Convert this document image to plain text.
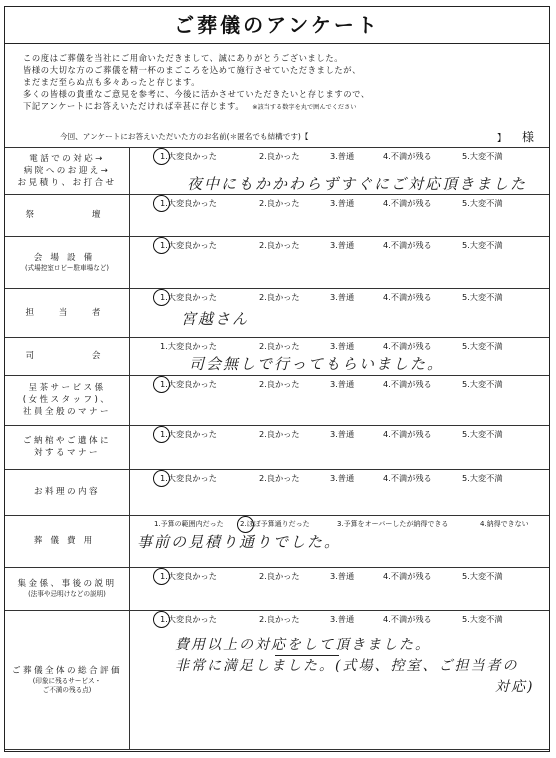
ご葬儀のアンケート
この度はご葬儀を当社にご用命いただきまして、誠にありがとうございました。
皆様の大切な方のご葬儀を精一杯のまごころを込めて施行させていただきましたが、
まだまだ至らぬ点も多々あったと存じます。
多くの皆様の貴重なご意見を参考に、今後に活かさせていただきたいと存じますので、
下記アンケートにお答えいただければ幸甚に存じます。 ※該当する数字を丸で囲んでください
今回、アンケートにお答えいただいた方のお名前(＊匿名でも結構です)【	】 様
電話での対応→
病院へのお迎え→
お見積り、お打合せ
1.大変良かった	2.良かった	3.普通	4.不満が残る	5.大変不満
夜中にもかかわらずすぐにご対応頂きました
祭　　　壇
1.大変良かった	2.良かった	3.普通	4.不満が残る	5.大変不満
会場設備
(式場控室ロビー駐車場など)
1.大変良かった	2.良かった	3.普通	4.不満が残る	5.大変不満
担　当　者
1.大変良かった	2.良かった	3.普通	4.不満が残る	5.大変不満
宮越さん
司　　　会
1.大変良かった	2.良かった	3.普通	4.不満が残る	5.大変不満
司会無しで行ってもらいました。
呈茶サービス係
(女性スタッフ)、
社員全般のマナー
1.大変良かった	2.良かった	3.普通	4.不満が残る	5.大変不満
ご納棺やご遺体に
対するマナー
1.大変良かった	2.良かった	3.普通	4.不満が残る	5.大変不満
お料理の内容
1.大変良かった	2.良かった	3.普通	4.不満が残る	5.大変不満
葬儀費用
1.予算の範囲内だった 2.ほぼ予算通りだった	3.予算をオーバーしたが納得できる	4.納得できない
事前の見積り通りでした。
集金係、事後の説明
(法事や忌明けなどの説明)
1.大変良かった	2.良かった	3.普通	4.不満が残る	5.大変不満
ご葬儀全体の総合評価
(印象に残るサービス・
ご不満の残る点)
1.大変良かった	2.良かった	3.普通	4.不満が残る	5.大変不満
費用以上の対応をして頂きました。
非常に満足しました。(式場、控室、ご担当者の
対応)
